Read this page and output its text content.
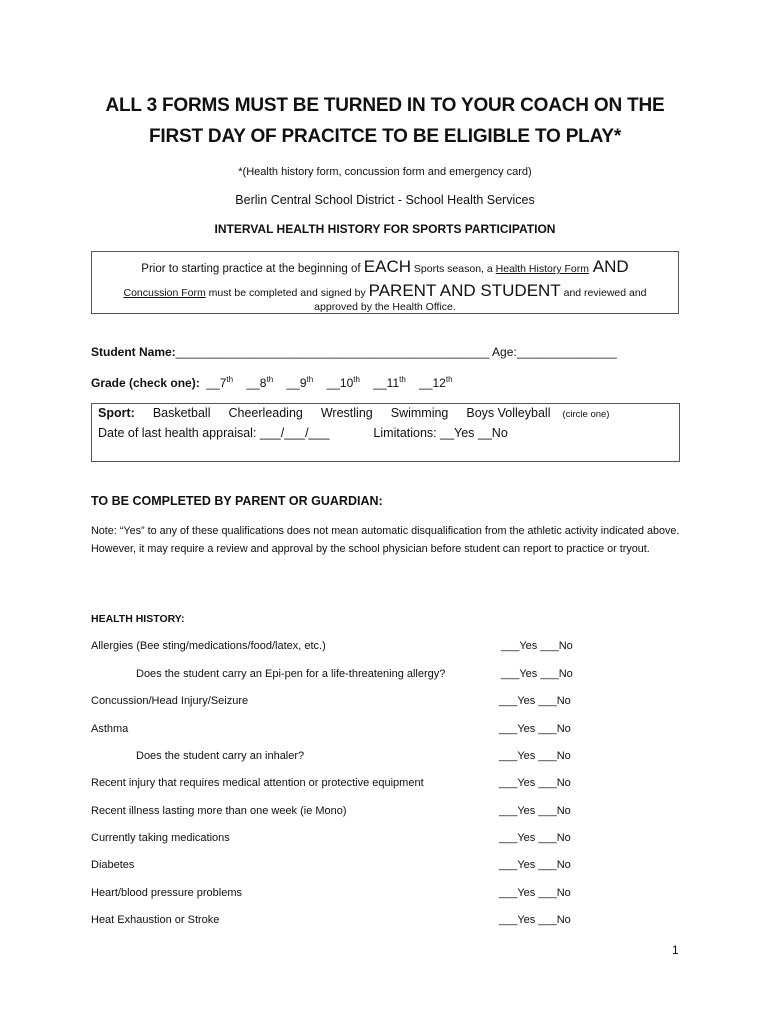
ALL 3 FORMS MUST BE TURNED IN TO YOUR COACH ON THE
FIRST DAY OF PRACITCE TO BE ELIGIBLE TO PLAY*
*(Health history form, concussion form and emergency card)
Berlin Central School District - School Health Services
INTERVAL HEALTH HISTORY FOR SPORTS PARTICIPATION
Prior to starting practice at the beginning of EACH Sports season, a Health History Form AND
Concussion Form must be completed and signed by PARENT AND STUDENT and reviewed and
approved by the Health Office.
Student Name:_______________________________________________ Age:_______________
Grade (check one): __7th __8th __9th __10th __11th __12th
Sport: Basketball Cheerleading Wrestling Swimming Boys Volleyball (circle one)
Date of last health appraisal: ___/___/___	Limitations: __Yes __No
TO BE COMPLETED BY PARENT OR GUARDIAN:
Note: “Yes” to any of these qualifications does not mean automatic disqualification from the athletic activity indicated above. However, it may require a review and approval by the school physician before student can report to practice or tryout.
HEALTH HISTORY:
Allergies (Bee sting/medications/food/latex, etc.)	___Yes ___No
Does the student carry an Epi-pen for a life-threatening allergy?	___Yes ___No
Concussion/Head Injury/Seizure	___Yes ___No
Asthma	___Yes ___No
Does the student carry an inhaler?	___Yes ___No
Recent injury that requires medical attention or protective equipment	___Yes ___No
Recent illness lasting more than one week (ie Mono)	___Yes ___No
Currently taking medications	___Yes ___No
Diabetes	___Yes ___No
Heart/blood pressure problems	___Yes ___No
Heat Exhaustion or Stroke	___Yes ___No
1
